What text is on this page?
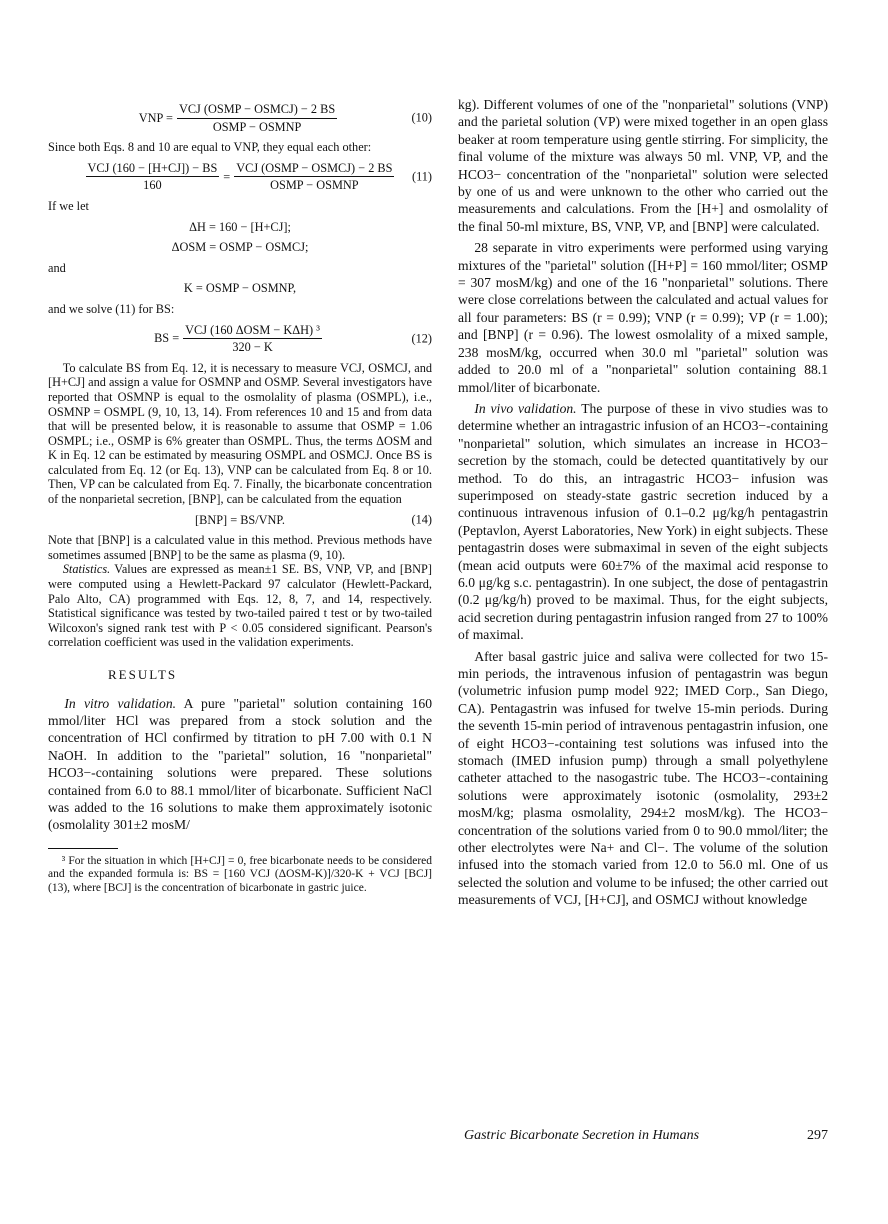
VNP = $\frac{\text{VCJ (OSMP − OSMCJ) − 2 BS}}{\text{OSMP − OSMNP}}$	(10)

Since both Eqs. 8 and 10 are equal to VNP, they equal each other:

$\frac{\text{VCJ (160 − [H+CJ]) − BS}}{160} = \frac{\text{VCJ (OSMP − OSMCJ) − 2 BS}}{\text{OSMP − OSMNP}} (11)$

If we let

ΔH = 160 − [H+CJ];
ΔOSM = OSMP − OSMCJ;

and

K = OSMP − OSMNP,

and we solve (11) for BS:

BS = $\frac{\text{VCJ (160 ΔOSM − KΔH) ³}}{320 - K}$	(12)

To calculate BS from Eq. 12, it is necessary to measure VCJ, OSMCJ, and [H+CJ] and assign a value for OSMNP and OSMP. Several investigators have reported that OSMNP is equal to the osmolality of plasma (OSMPL), i.e., OSMNP = OSMPL (9, 10, 13, 14). From references 10 and 15 and from data that will be presented below, it is reasonable to assume that OSMP = 1.06 OSMPL; i.e., OSMP is 6% greater than OSMPL. Thus, the terms ΔOSM and K in Eq. 12 can be estimated by measuring OSMPL and OSMCJ. Once BS is calculated from Eq. 12 (or Eq. 13), VNP can be calculated from Eq. 8 or 10. Then, VP can be calculated from Eq. 7. Finally, the bicarbonate concentration of the nonparietal secretion, [BNP], can be calculated from the equation

[BNP] = BS/VNP.	(14)

Note that [BNP] is a calculated value in this method. Previous methods have sometimes assumed [BNP] to be the same as plasma (9, 10).

Statistics. Values are expressed as mean±1 SE. BS, VNP, VP, and [BNP] were computed using a Hewlett-Packard 97 calculator (Hewlett-Packard, Palo Alto, CA) programmed with Eqs. 12, 8, 7, and 14, respectively. Statistical significance was tested by two-tailed paired t test or by two-tailed Wilcoxon's signed rank test with P < 0.05 considered significant. Pearson's correlation coefficient was used in the validation experiments.

RESULTS

In vitro validation. A pure "parietal" solution containing 160 mmol/liter HCl was prepared from a stock solution and the concentration of HCl confirmed by titration to pH 7.00 with 0.1 N NaOH. In addition to the "parietal" solution, 16 "nonparietal" HCO3−-containing solutions were prepared. These solutions contained from 6.0 to 88.1 mmol/liter of bicarbonate. Sufficient NaCl was added to the 16 solutions to make them approximately isotonic (osmolality 301±2 mosM/

³ For the situation in which [H+CJ] = 0, free bicarbonate needs to be considered and the expanded formula is: BS = [160 VCJ (ΔOSM-K)]/320-K + VCJ [BCJ] (13), where [BCJ] is the concentration of bicarbonate in gastric juice.

kg). Different volumes of one of the "nonparietal" solutions (VNP) and the parietal solution (VP) were mixed together in an open glass beaker at room temperature using gentle stirring. For simplicity, the final volume of the mixture was always 50 ml. VNP, VP, and the HCO3− concentration of the "nonparietal" solution were selected by one of us and were unknown to the other who carried out the measurements and calculations. From the [H+] and osmolality of the final 50-ml mixture, BS, VNP, VP, and [BNP] were calculated.

28 separate in vitro experiments were performed using varying mixtures of the "parietal" solution ([H+P] = 160 mmol/liter; OSMP = 307 mosM/kg) and one of the 16 "nonparietal" solutions. There were close correlations between the calculated and actual values for all four parameters: BS (r = 0.99); VNP (r = 0.99); VP (r = 1.00); and [BNP] (r = 0.96). The lowest osmolality of a mixed sample, 238 mosM/kg, occurred when 30.0 ml "parietal" solution was added to 20.0 ml of a "nonparietal" solution containing 88.1 mmol/liter of bicarbonate.

In vivo validation. The purpose of these in vivo studies was to determine whether an intragastric infusion of an HCO3−-containing "nonparietal" solution, which simulates an increase in HCO3− secretion by the stomach, could be detected quantitatively by our method. To do this, an intragastric HCO3− infusion was superimposed on steady-state gastric secretion induced by a continuous intravenous infusion of 0.1–0.2 μg/kg/h pentagastrin (Peptavlon, Ayerst Laboratories, New York) in eight subjects. These pentagastrin doses were submaximal in seven of the eight subjects (mean acid outputs were 60±7% of the maximal acid response to 6.0 μg/kg s.c. pentagastrin). In one subject, the dose of pentagastrin (0.2 μg/kg/h) proved to be maximal. Thus, for the eight subjects, acid secretion during pentagastrin infusion ranged from 27 to 100% of maximal.

After basal gastric juice and saliva were collected for two 15-min periods, the intravenous infusion of pentagastrin was begun (volumetric infusion pump model 922; IMED Corp., San Diego, CA). Pentagastrin was infused for twelve 15-min periods. During the seventh 15-min period of intravenous pentagastrin infusion, one of eight HCO3−-containing test solutions was infused into the stomach (IMED infusion pump) through a small polyethylene catheter attached to the nasogastric tube. The HCO3−-containing solutions were approximately isotonic (osmolality, 293±2 mosM/kg; plasma osmolality, 294±2 mosM/kg). The HCO3− concentration of the solutions varied from 0 to 90.0 mmol/liter; the other electrolytes were Na+ and Cl−. The volume of the solution infused into the stomach varied from 12.0 to 56.0 ml. One of us selected the solution and volume to be infused; the other carried out measurements of VCJ, [H+CJ], and OSMCJ without knowledge

Gastric Bicarbonate Secretion in Humans	297
